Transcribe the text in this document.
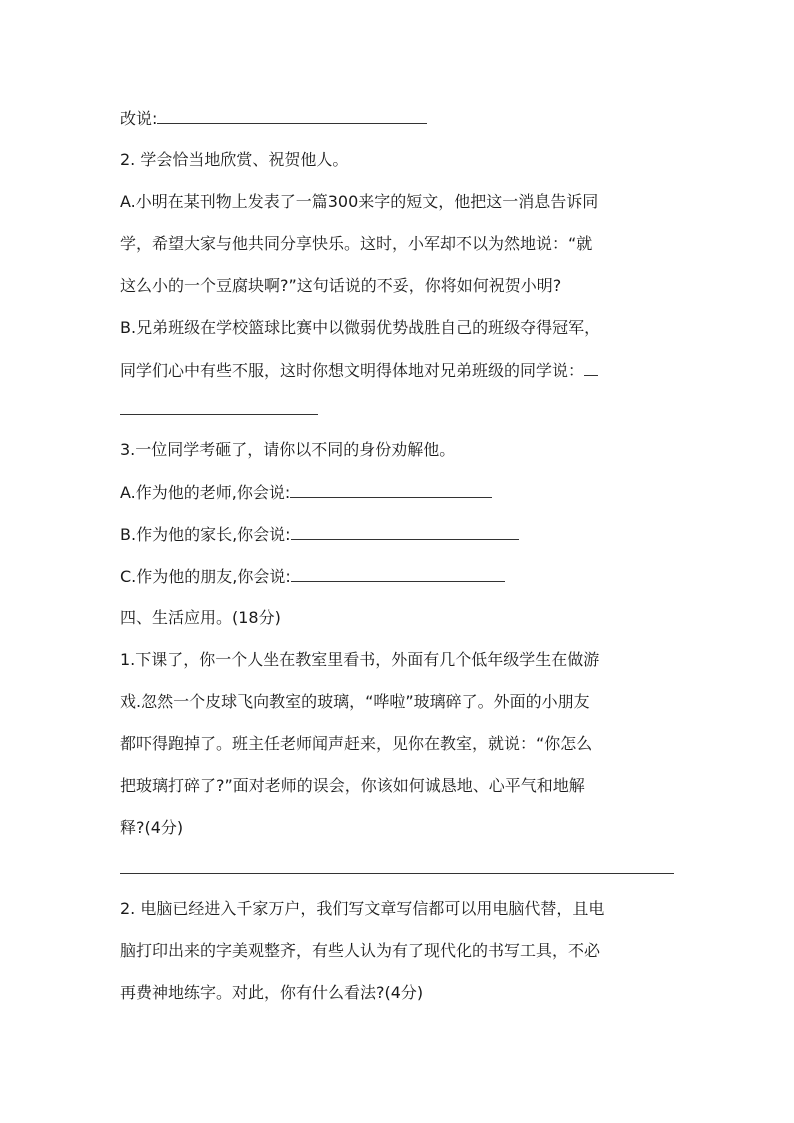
改说:
2. 学会恰当地欣赏、祝贺他人。
A.小明在某刊物上发表了一篇300来字的短文，他把这一消息告诉同
学，希望大家与他共同分享快乐。这时，小军却不以为然地说：“就
这么小的一个豆腐块啊?”这句话说的不妥，你将如何祝贺小明?
B.兄弟班级在学校篮球比赛中以微弱优势战胜自己的班级夺得冠军，
同学们心中有些不服，这时你想文明得体地对兄弟班级的同学说：
3.一位同学考砸了，请你以不同的身份劝解他。
A.作为他的老师,你会说:
B.作为他的家长,你会说:
C.作为他的朋友,你会说:
四、生活应用。(18分)
1.下课了，你一个人坐在教室里看书，外面有几个低年级学生在做游
戏.忽然一个皮球飞向教室的玻璃，“哗啦”玻璃碎了。外面的小朋友
都吓得跑掉了。班主任老师闻声赶来，见你在教室，就说：“你怎么
把玻璃打碎了?”面对老师的误会，你该如何诚恳地、心平气和地解
释?(4分)
2. 电脑已经进入千家万户，我们写文章写信都可以用电脑代替，且电
脑打印出来的字美观整齐，有些人认为有了现代化的书写工具，不必
再费神地练字。对此，你有什么看法?(4分)
